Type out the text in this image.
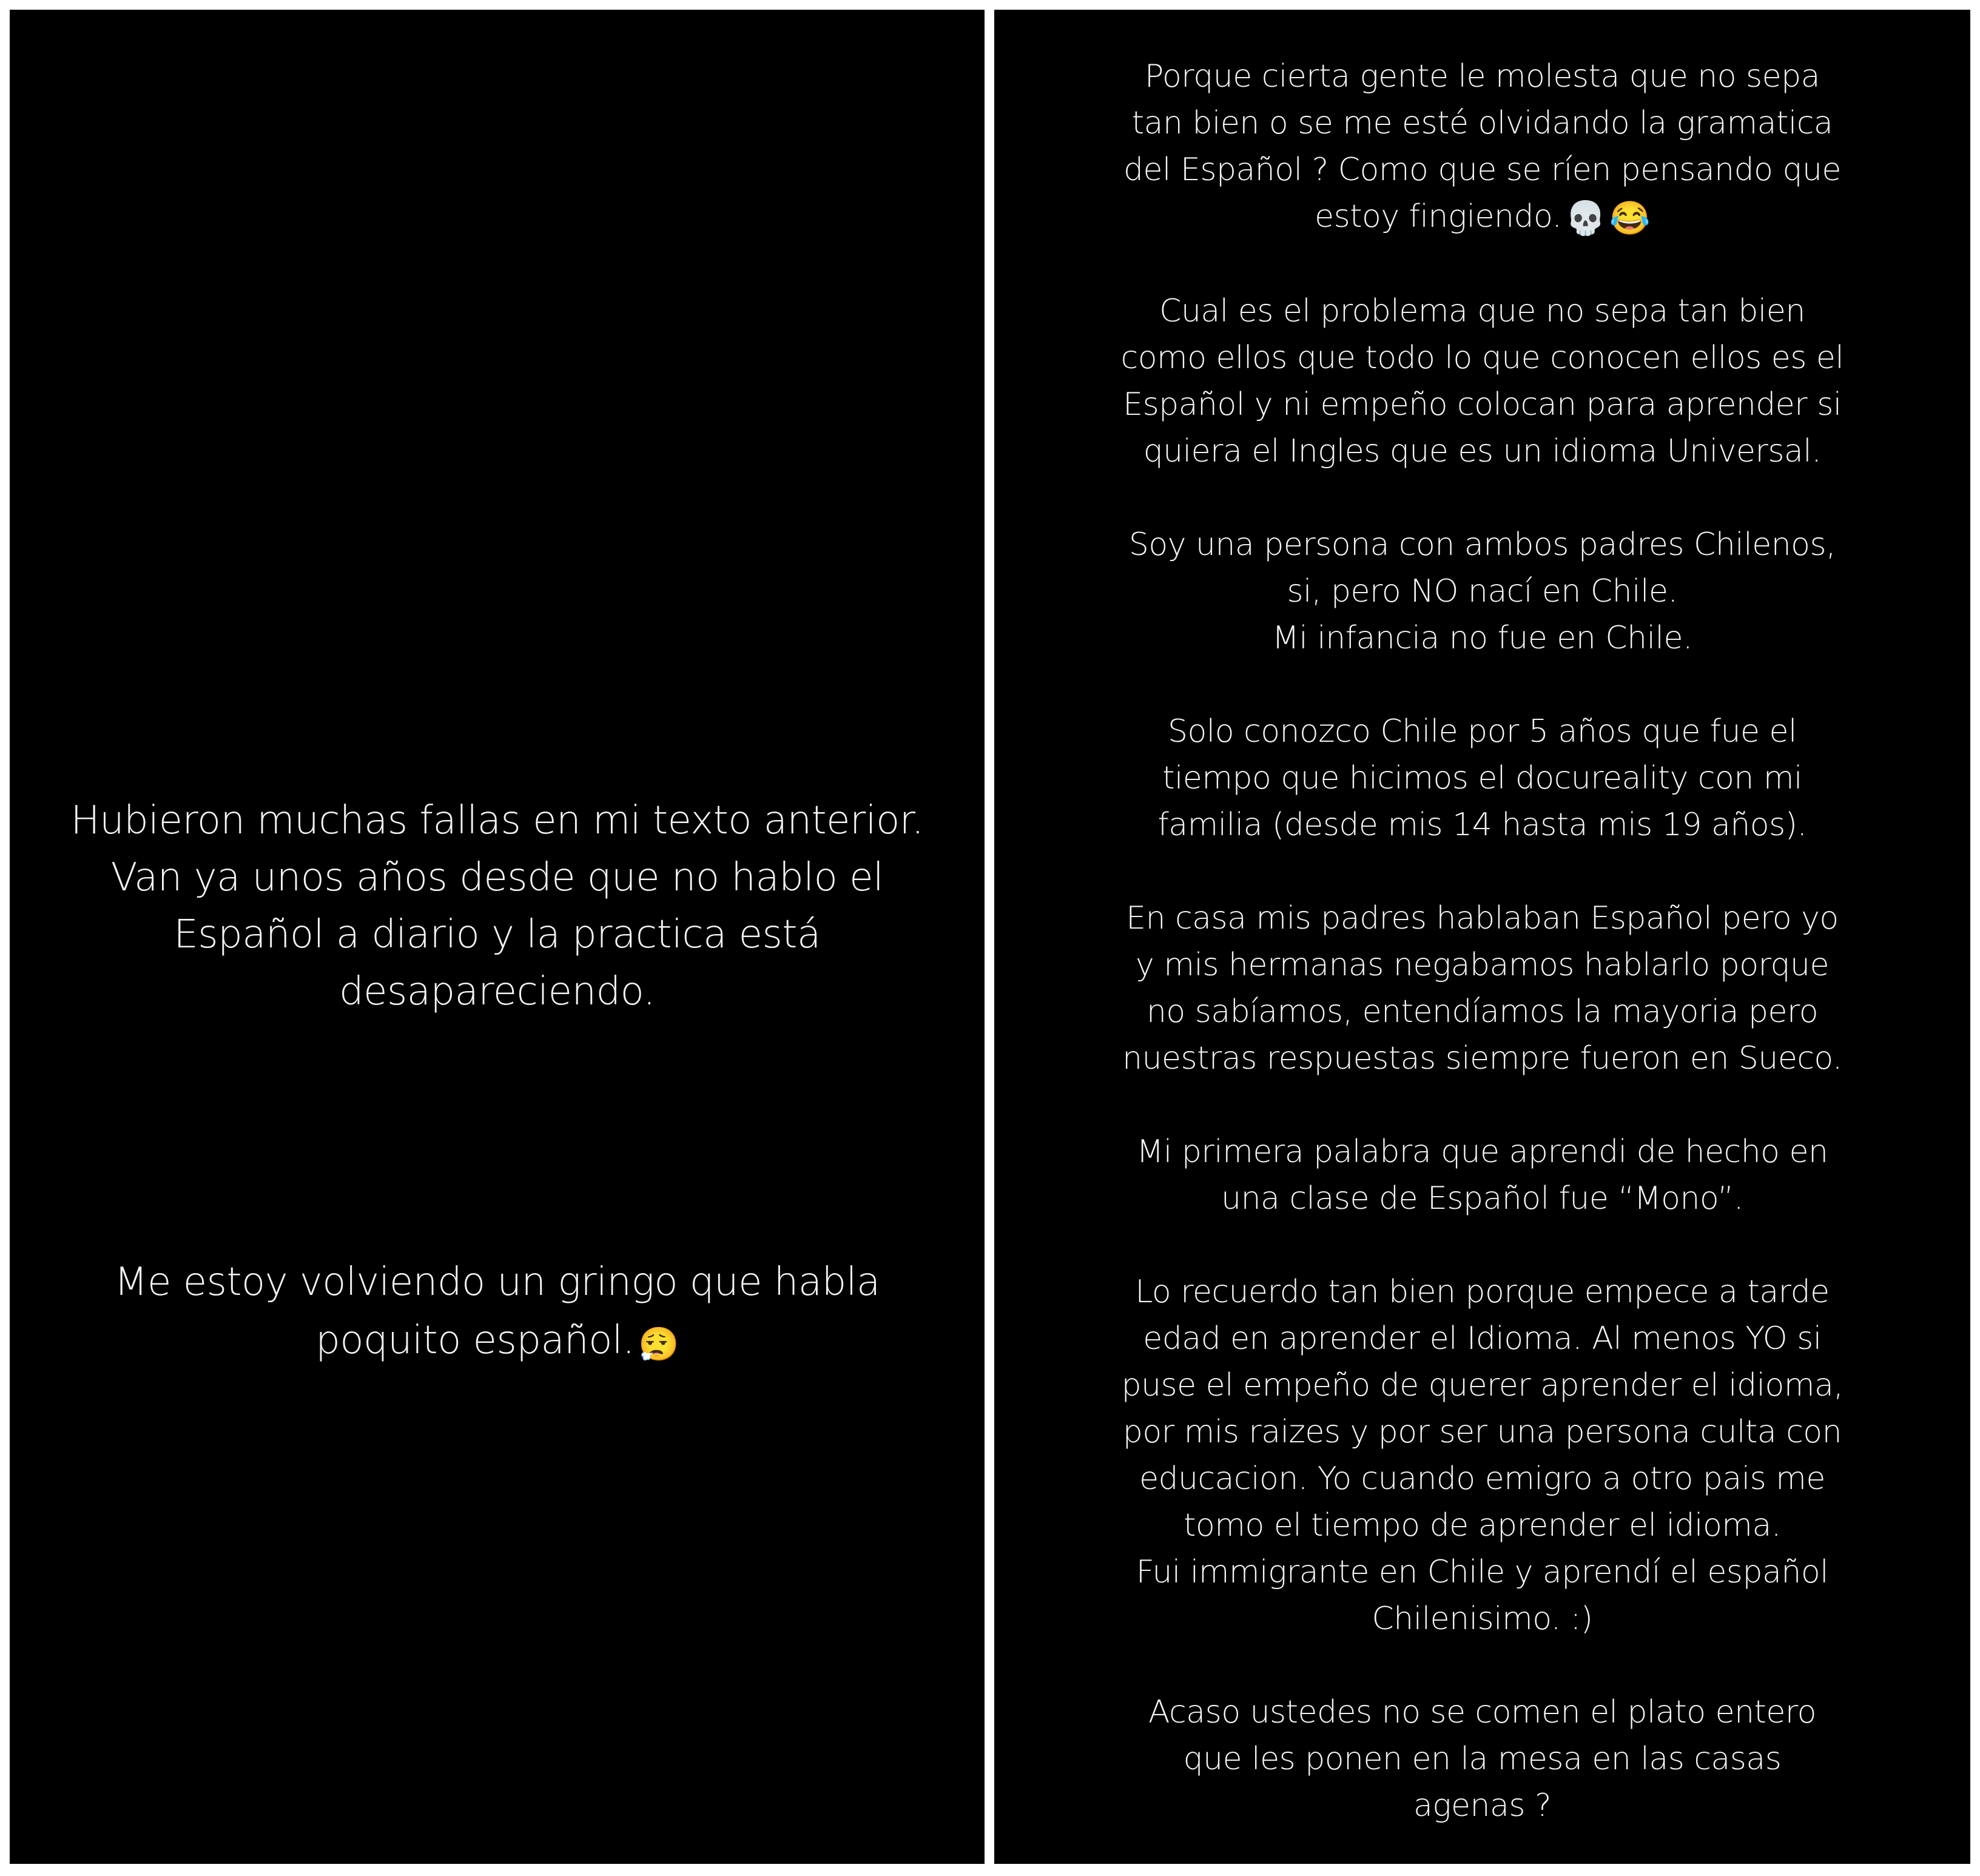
Hubieron muchas fallas en mi texto anterior.
Van ya unos años desde que no hablo el
Español a diario y la practica está
desapareciendo.
Me estoy volviendo un gringo que habla
poquito español. 😮‍💨
Porque cierta gente le molesta que no sepa
tan bien o se me esté olvidando la gramatica
del Español ? Como que se ríen pensando que
estoy fingiendo. 💀 😂
Cual es el problema que no sepa tan bien
como ellos que todo lo que conocen ellos es el
Español y ni empeño colocan para aprender si
quiera el Ingles que es un idioma Universal.
Soy una persona con ambos padres Chilenos,
si, pero NO nací en Chile.
Mi infancia no fue en Chile.
Solo conozco Chile por 5 años que fue el
tiempo que hicimos el docureality con mi
familia (desde mis 14 hasta mis 19 años).
En casa mis padres hablaban Español pero yo
y mis hermanas negabamos hablarlo porque
no sabíamos, entendíamos la mayoria pero
nuestras respuestas siempre fueron en Sueco.
Mi primera palabra que aprendi de hecho en
una clase de Español fue “Mono”.
Lo recuerdo tan bien porque empece a tarde
edad en aprender el Idioma. Al menos YO si
puse el empeño de querer aprender el idioma,
por mis raizes y por ser una persona culta con
educacion. Yo cuando emigro a otro pais me
tomo el tiempo de aprender el idioma.
Fui immigrante en Chile y aprendí el español
Chilenisimo. :)
Acaso ustedes no se comen el plato entero
que les ponen en la mesa en las casas
agenas ?
